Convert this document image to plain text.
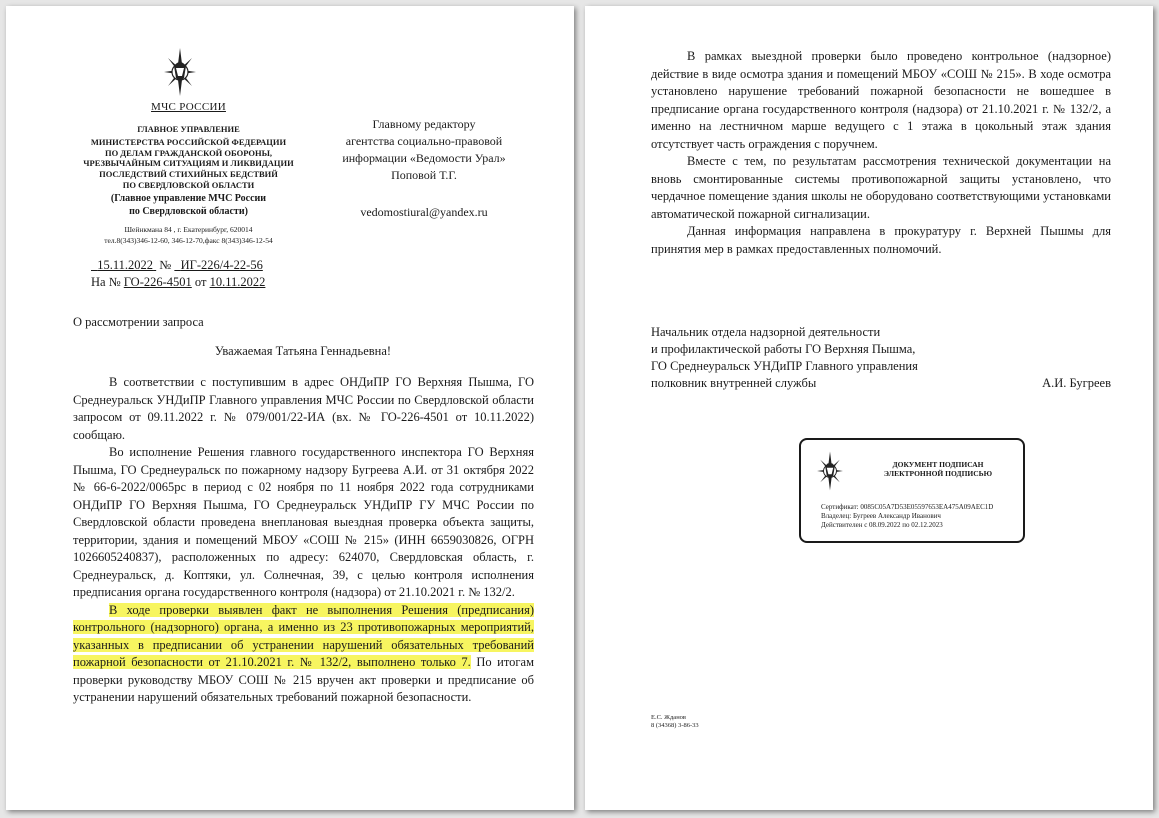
МЧС РОССИИ
ГЛАВНОЕ УПРАВЛЕНИЕ
МИНИСТЕРСТВА РОССИЙСКОЙ ФЕДЕРАЦИИ
ПО ДЕЛАМ ГРАЖДАНСКОЙ ОБОРОНЫ,
ЧРЕЗВЫЧАЙНЫМ СИТУАЦИЯМ И ЛИКВИДАЦИИ
ПОСЛЕДСТВИЙ СТИХИЙНЫХ БЕДСТВИЙ
ПО СВЕРДЛОВСКОЙ ОБЛАСТИ
(Главное управление МЧС России
по Свердловской области)
Шейнкмана 84 , г. Екатеринбург, 620014
тел.8(343)346-12-60, 346-12-70,факс 8(343)346-12-54
Главному редактору
агентства социально-правовой
информации «Ведомости Урал»
Поповой Т.Г.
vedomostiural@yandex.ru
15.11.2022 № ИГ-226/4-22-56
На № ГО-226-4501 от 10.11.2022
О рассмотрении запроса
Уважаемая Татьяна Геннадьевна!

В соответствии с поступившим в адрес ОНДиПР ГО Верхняя Пышма, ГО Среднеуральск УНДиПР Главного управления МЧС России по Свердловской области запросом от 09.11.2022 г. № 079/001/22-ИА (вх. № ГО-226-4501 от 10.11.2022) сообщаю.

Во исполнение Решения главного государственного инспектора ГО Верхняя Пышма, ГО Среднеуральск по пожарному надзору Бугреева А.И. от 31 октября 2022 № 66-6-2022/0065рс в период с 02 ноября по 11 ноября 2022 года сотрудниками ОНДиПР ГО Верхняя Пышма, ГО Среднеуральск УНДиПР ГУ МЧС России по Свердловской области проведена внеплановая выездная проверка объекта защиты, территории, здания и помещений МБОУ «СОШ № 215» (ИНН 6659030826, ОГРН 1026605240837), расположенных по адресу: 624070, Свердловская область, г. Среднеуральск, д. Коптяки, ул. Солнечная, 39, с целью контроля исполнения предписания органа государственного контроля (надзора) от 21.10.2021 г. № 132/2.

В ходе проверки выявлен факт не выполнения Решения (предписания) контрольного (надзорного) органа, а именно из 23 противопожарных мероприятий, указанных в предписании об устранении нарушений обязательных требований пожарной безопасности от 21.10.2021 г. № 132/2, выполнено только 7. По итогам проверки руководству МБОУ СОШ № 215 вручен акт проверки и предписание об устранении нарушений обязательных требований пожарной безопасности.

В рамках выездной проверки было проведено контрольное (надзорное) действие в виде осмотра здания и помещений МБОУ «СОШ № 215». В ходе осмотра установлено нарушение требований пожарной безопасности не вошедшее в предписание органа государственного контроля (надзора) от 21.10.2021 г. № 132/2, а именно на лестничном марше ведущего с 1 этажа в цокольный этаж здания отсутствует часть ограждения с поручнем.

Вместе с тем, по результатам рассмотрения технической документации на вновь смонтированные системы противопожарной защиты установлено, что чердачное помещение здания школы не оборудовано соответствующими установками автоматической пожарной сигнализации.

Данная информация направлена в прокуратуру г. Верхней Пышмы для принятия мер в рамках предоставленных полномочий.

Начальник отдела надзорной деятельности
и профилактической работы ГО Верхняя Пышма,
ГО Среднеуральск УНДиПР Главного управления
полковник внутренней службы	А.И. Бугреев
ДОКУМЕНТ ПОДПИСАН
ЭЛЕКТРОННОЙ ПОДПИСЬЮ
Сертификат: 0085C05A7D53E05597653EA475A09AEC1D
Владелец: Бугреев Александр Иванович
Действителен с 08.09.2022 по 02.12.2023
Е.С. Жданов
8 (34368) 3-86-33
